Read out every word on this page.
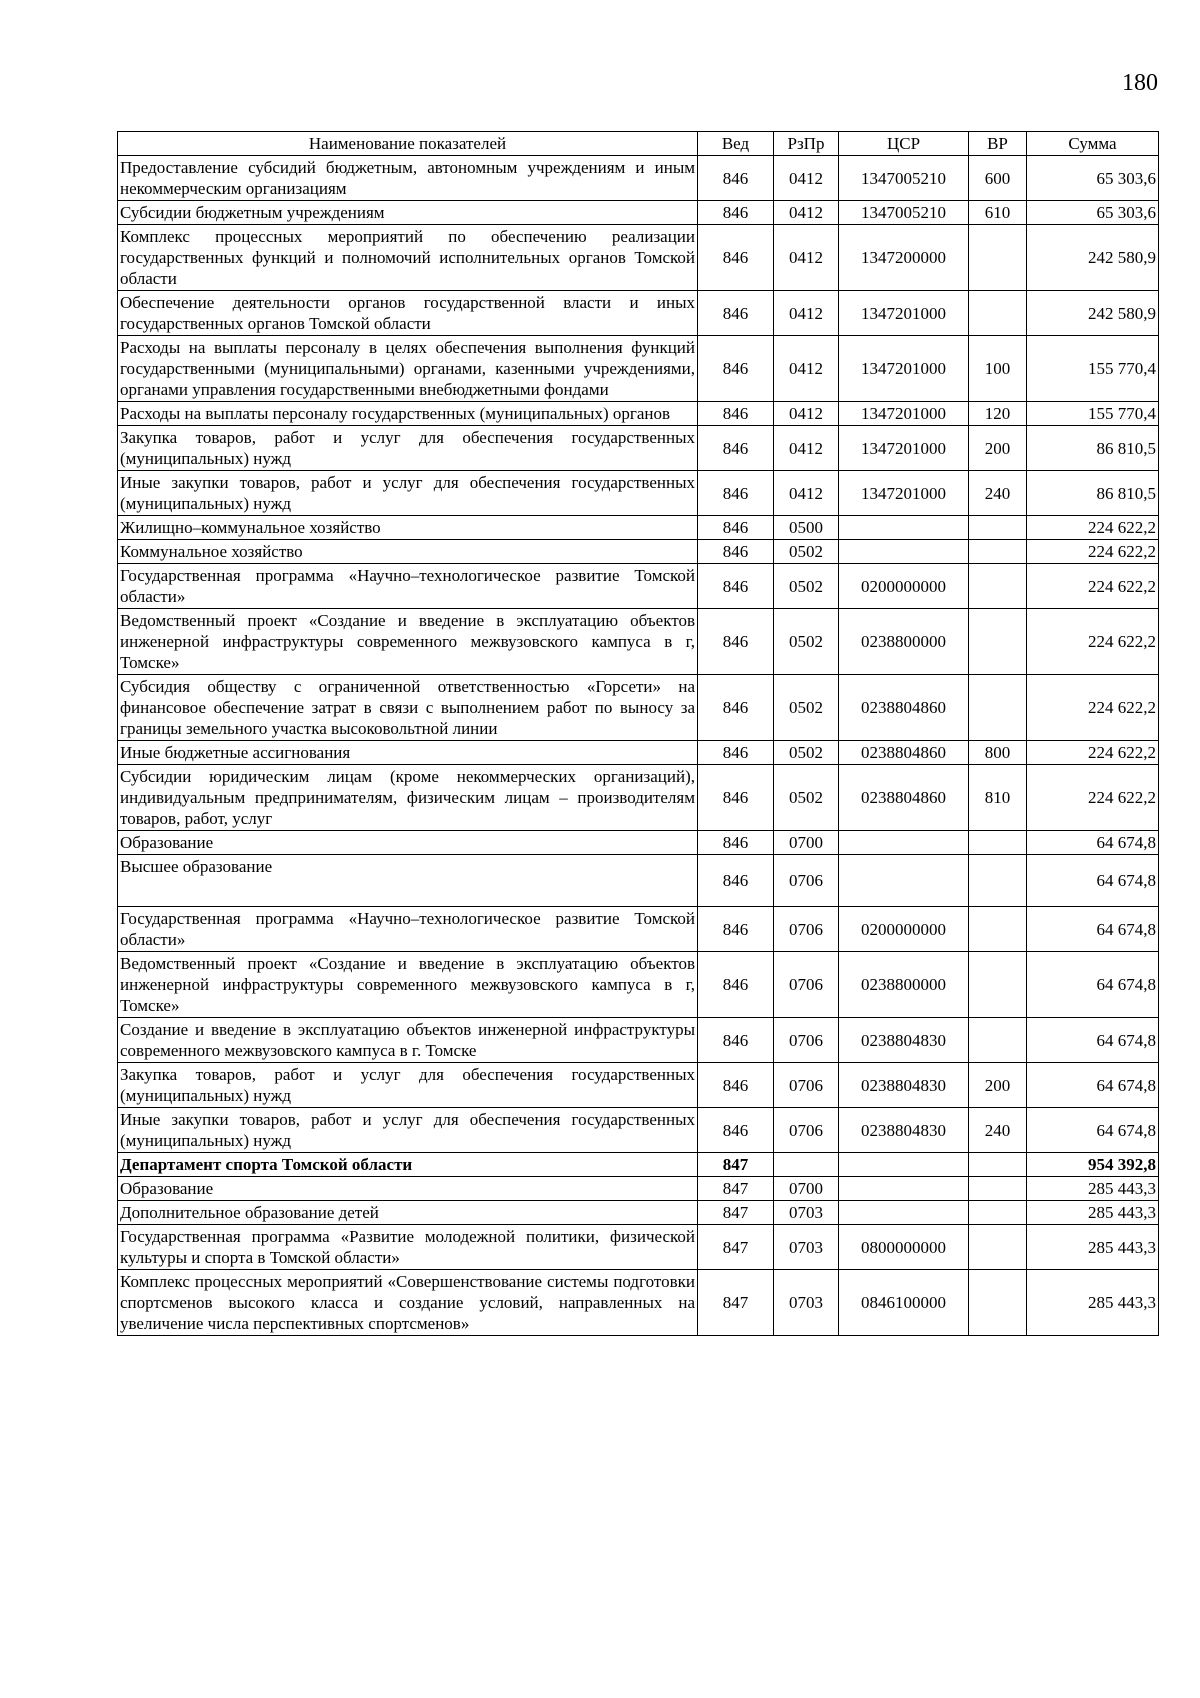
180
Наименование показателей	Вед	РзПр	ЦСР	ВР	Сумма
Предоставление субсидий бюджетным, автономным учреждениям и иным некоммерческим организациям	846	0412	1347005210	600	65 303,6
Субсидии бюджетным учреждениям	846	0412	1347005210	610	65 303,6
Комплекс процессных мероприятий по обеспечению реализации государственных функций и полномочий исполнительных органов Томской области	846	0412	1347200000		242 580,9
Обеспечение деятельности органов государственной власти и иных государственных органов Томской области	846	0412	1347201000		242 580,9
Расходы на выплаты персоналу в целях обеспечения выполнения функций государственными (муниципальными) органами, казенными учреждениями, органами управления государственными внебюджетными фондами	846	0412	1347201000	100	155 770,4
Расходы на выплаты персоналу государственных (муниципальных) органов	846	0412	1347201000	120	155 770,4
Закупка товаров, работ и услуг для обеспечения государственных (муниципальных) нужд	846	0412	1347201000	200	86 810,5
Иные закупки товаров, работ и услуг для обеспечения государственных (муниципальных) нужд	846	0412	1347201000	240	86 810,5
Жилищно–коммунальное хозяйство	846	0500			224 622,2
Коммунальное хозяйство	846	0502			224 622,2
Государственная программа «Научно–технологическое развитие Томской области»	846	0502	0200000000		224 622,2
Ведомственный проект «Создание и введение в эксплуатацию объектов инженерной инфраструктуры современного межвузовского кампуса в г, Томске»	846	0502	0238800000		224 622,2
Субсидия обществу с ограниченной ответственностью «Горсети» на финансовое обеспечение затрат в связи с выполнением работ по выносу за границы земельного участка высоковольтной линии	846	0502	0238804860		224 622,2
Иные бюджетные ассигнования	846	0502	0238804860	800	224 622,2
Субсидии юридическим лицам (кроме некоммерческих организаций), индивидуальным предпринимателям, физическим лицам – производителям товаров, работ, услуг	846	0502	0238804860	810	224 622,2
Образование	846	0700			64 674,8
Высшее образование	846	0706			64 674,8
Государственная программа «Научно–технологическое развитие Томской области»	846	0706	0200000000		64 674,8
Ведомственный проект «Создание и введение в эксплуатацию объектов инженерной инфраструктуры современного межвузовского кампуса в г, Томске»	846	0706	0238800000		64 674,8
Создание и введение в эксплуатацию объектов инженерной инфраструктуры современного межвузовского кампуса в г. Томске	846	0706	0238804830		64 674,8
Закупка товаров, работ и услуг для обеспечения государственных (муниципальных) нужд	846	0706	0238804830	200	64 674,8
Иные закупки товаров, работ и услуг для обеспечения государственных (муниципальных) нужд	846	0706	0238804830	240	64 674,8
Департамент спорта Томской области	847				954 392,8
Образование	847	0700			285 443,3
Дополнительное образование детей	847	0703			285 443,3
Государственная программа «Развитие молодежной политики, физической культуры и спорта в Томской области»	847	0703	0800000000		285 443,3
Комплекс процессных мероприятий «Совершенствование системы подготовки спортсменов высокого класса и создание условий, направленных на увеличение числа перспективных спортсменов»	847	0703	0846100000		285 443,3
